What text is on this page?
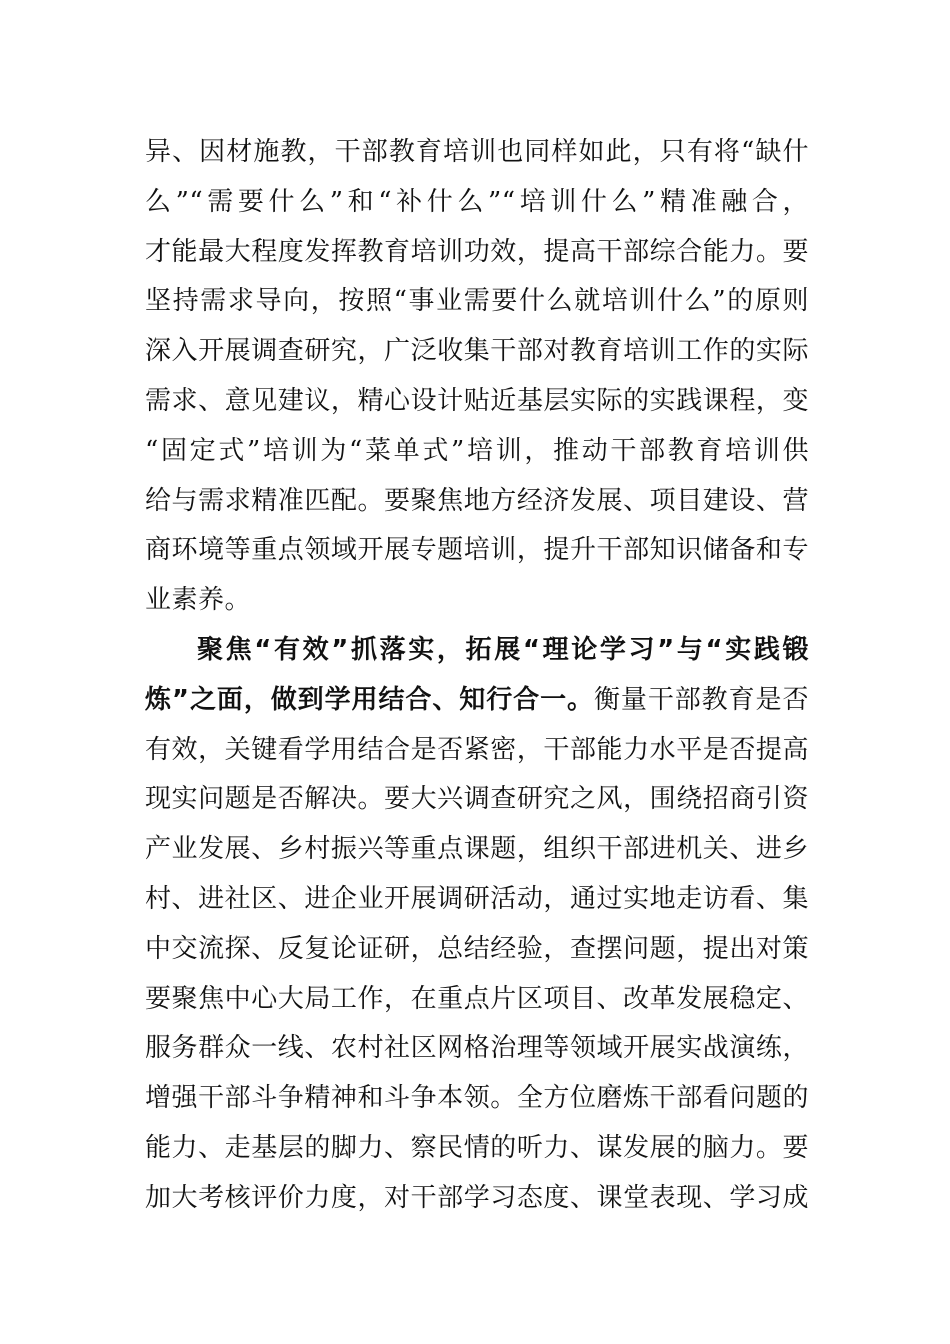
异、因材施教，干部教育培训也同样如此，只有将“缺什
么”“需要什么”和“补什么”“培训什么”精准融合，
才能最大程度发挥教育培训功效，提高干部综合能力。要
坚持需求导向，按照“事业需要什么就培训什么”的原则
深入开展调查研究，广泛收集干部对教育培训工作的实际
需求、意见建议，精心设计贴近基层实际的实践课程，变
“固定式”培训为“菜单式”培训，推动干部教育培训供
给与需求精准匹配。要聚焦地方经济发展、项目建设、营
商环境等重点领域开展专题培训，提升干部知识储备和专
业素养。
聚焦“有效”抓落实，拓展“理论学习”与“实践锻
炼”之面，做到学用结合、知行合一。衡量干部教育是否
有效，关键看学用结合是否紧密，干部能力水平是否提高
现实问题是否解决。要大兴调查研究之风，围绕招商引资
产业发展、乡村振兴等重点课题，组织干部进机关、进乡
村、进社区、进企业开展调研活动，通过实地走访看、集
中交流探、反复论证研，总结经验，查摆问题，提出对策
要聚焦中心大局工作，在重点片区项目、改革发展稳定、
服务群众一线、农村社区网格治理等领域开展实战演练，
增强干部斗争精神和斗争本领。全方位磨炼干部看问题的
能力、走基层的脚力、察民情的听力、谋发展的脑力。要
加大考核评价力度，对干部学习态度、课堂表现、学习成
